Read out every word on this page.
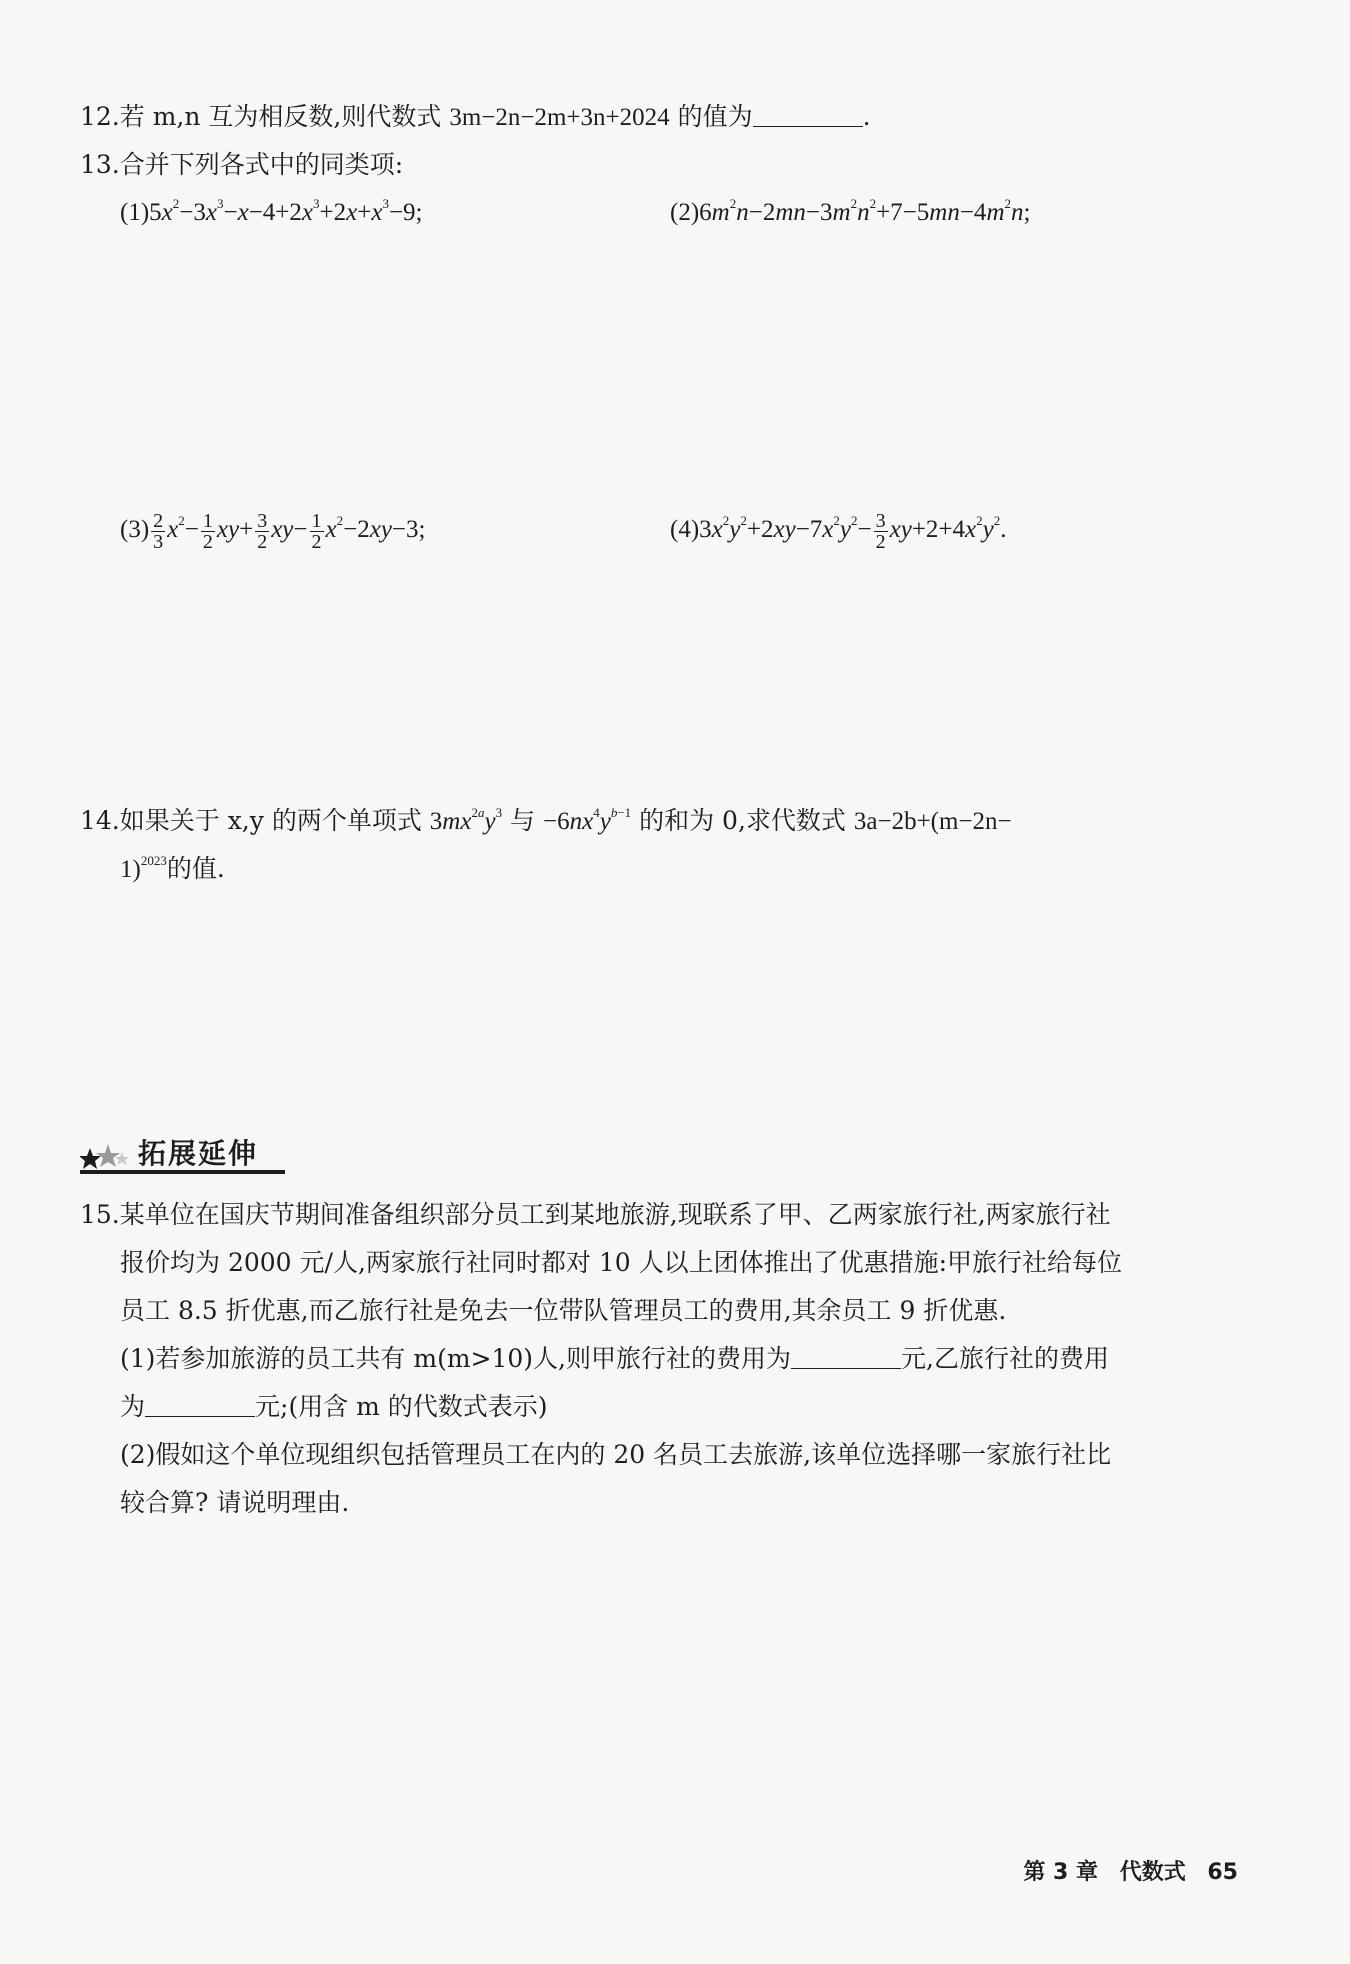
12.若 m,n 互为相反数,则代数式 3m−2n−2m+3n+2024 的值为	.
13.合并下列各式中的同类项:
$(1)5x^2-3x^3-x-4+2x^3+2x+x^3-9$;	$(2)6m^2n-2mn-3m^2n^2+7-5mn-4m^2n$;
$(3) \frac{2}{3} x^2- \frac{1}{2} xy+ \frac{3}{2} xy- \frac{1}{2} x^2-2xy-3$;	$(4)3x^2y^2+2xy-7x^2y^2- \frac{3}{2} xy+2+4x^2y^2$.
14.如果关于 x,y 的两个单项式 $3mx^{2a}y^3$ 与 $-6nx^4y^{b-1}$ 的和为 0,求代数式 3a−2b+(m−2n−
1)$^{2023}$的值.
拓展延伸
15.某单位在国庆节期间准备组织部分员工到某地旅游,现联系了甲、乙两家旅行社,两家旅行社
报价均为 2000 元/人,两家旅行社同时都对 10 人以上团体推出了优惠措施:甲旅行社给每位
员工 8.5 折优惠,而乙旅行社是免去一位带队管理员工的费用,其余员工 9 折优惠.
(1)若参加旅游的员工共有 m(m>10)人,则甲旅行社的费用为	元,乙旅行社的费用
为	元;(用含 m 的代数式表示)
(2)假如这个单位现组织包括管理员工在内的 20 名员工去旅游,该单位选择哪一家旅行社比
较合算? 请说明理由.
第 3 章 代数式 65
